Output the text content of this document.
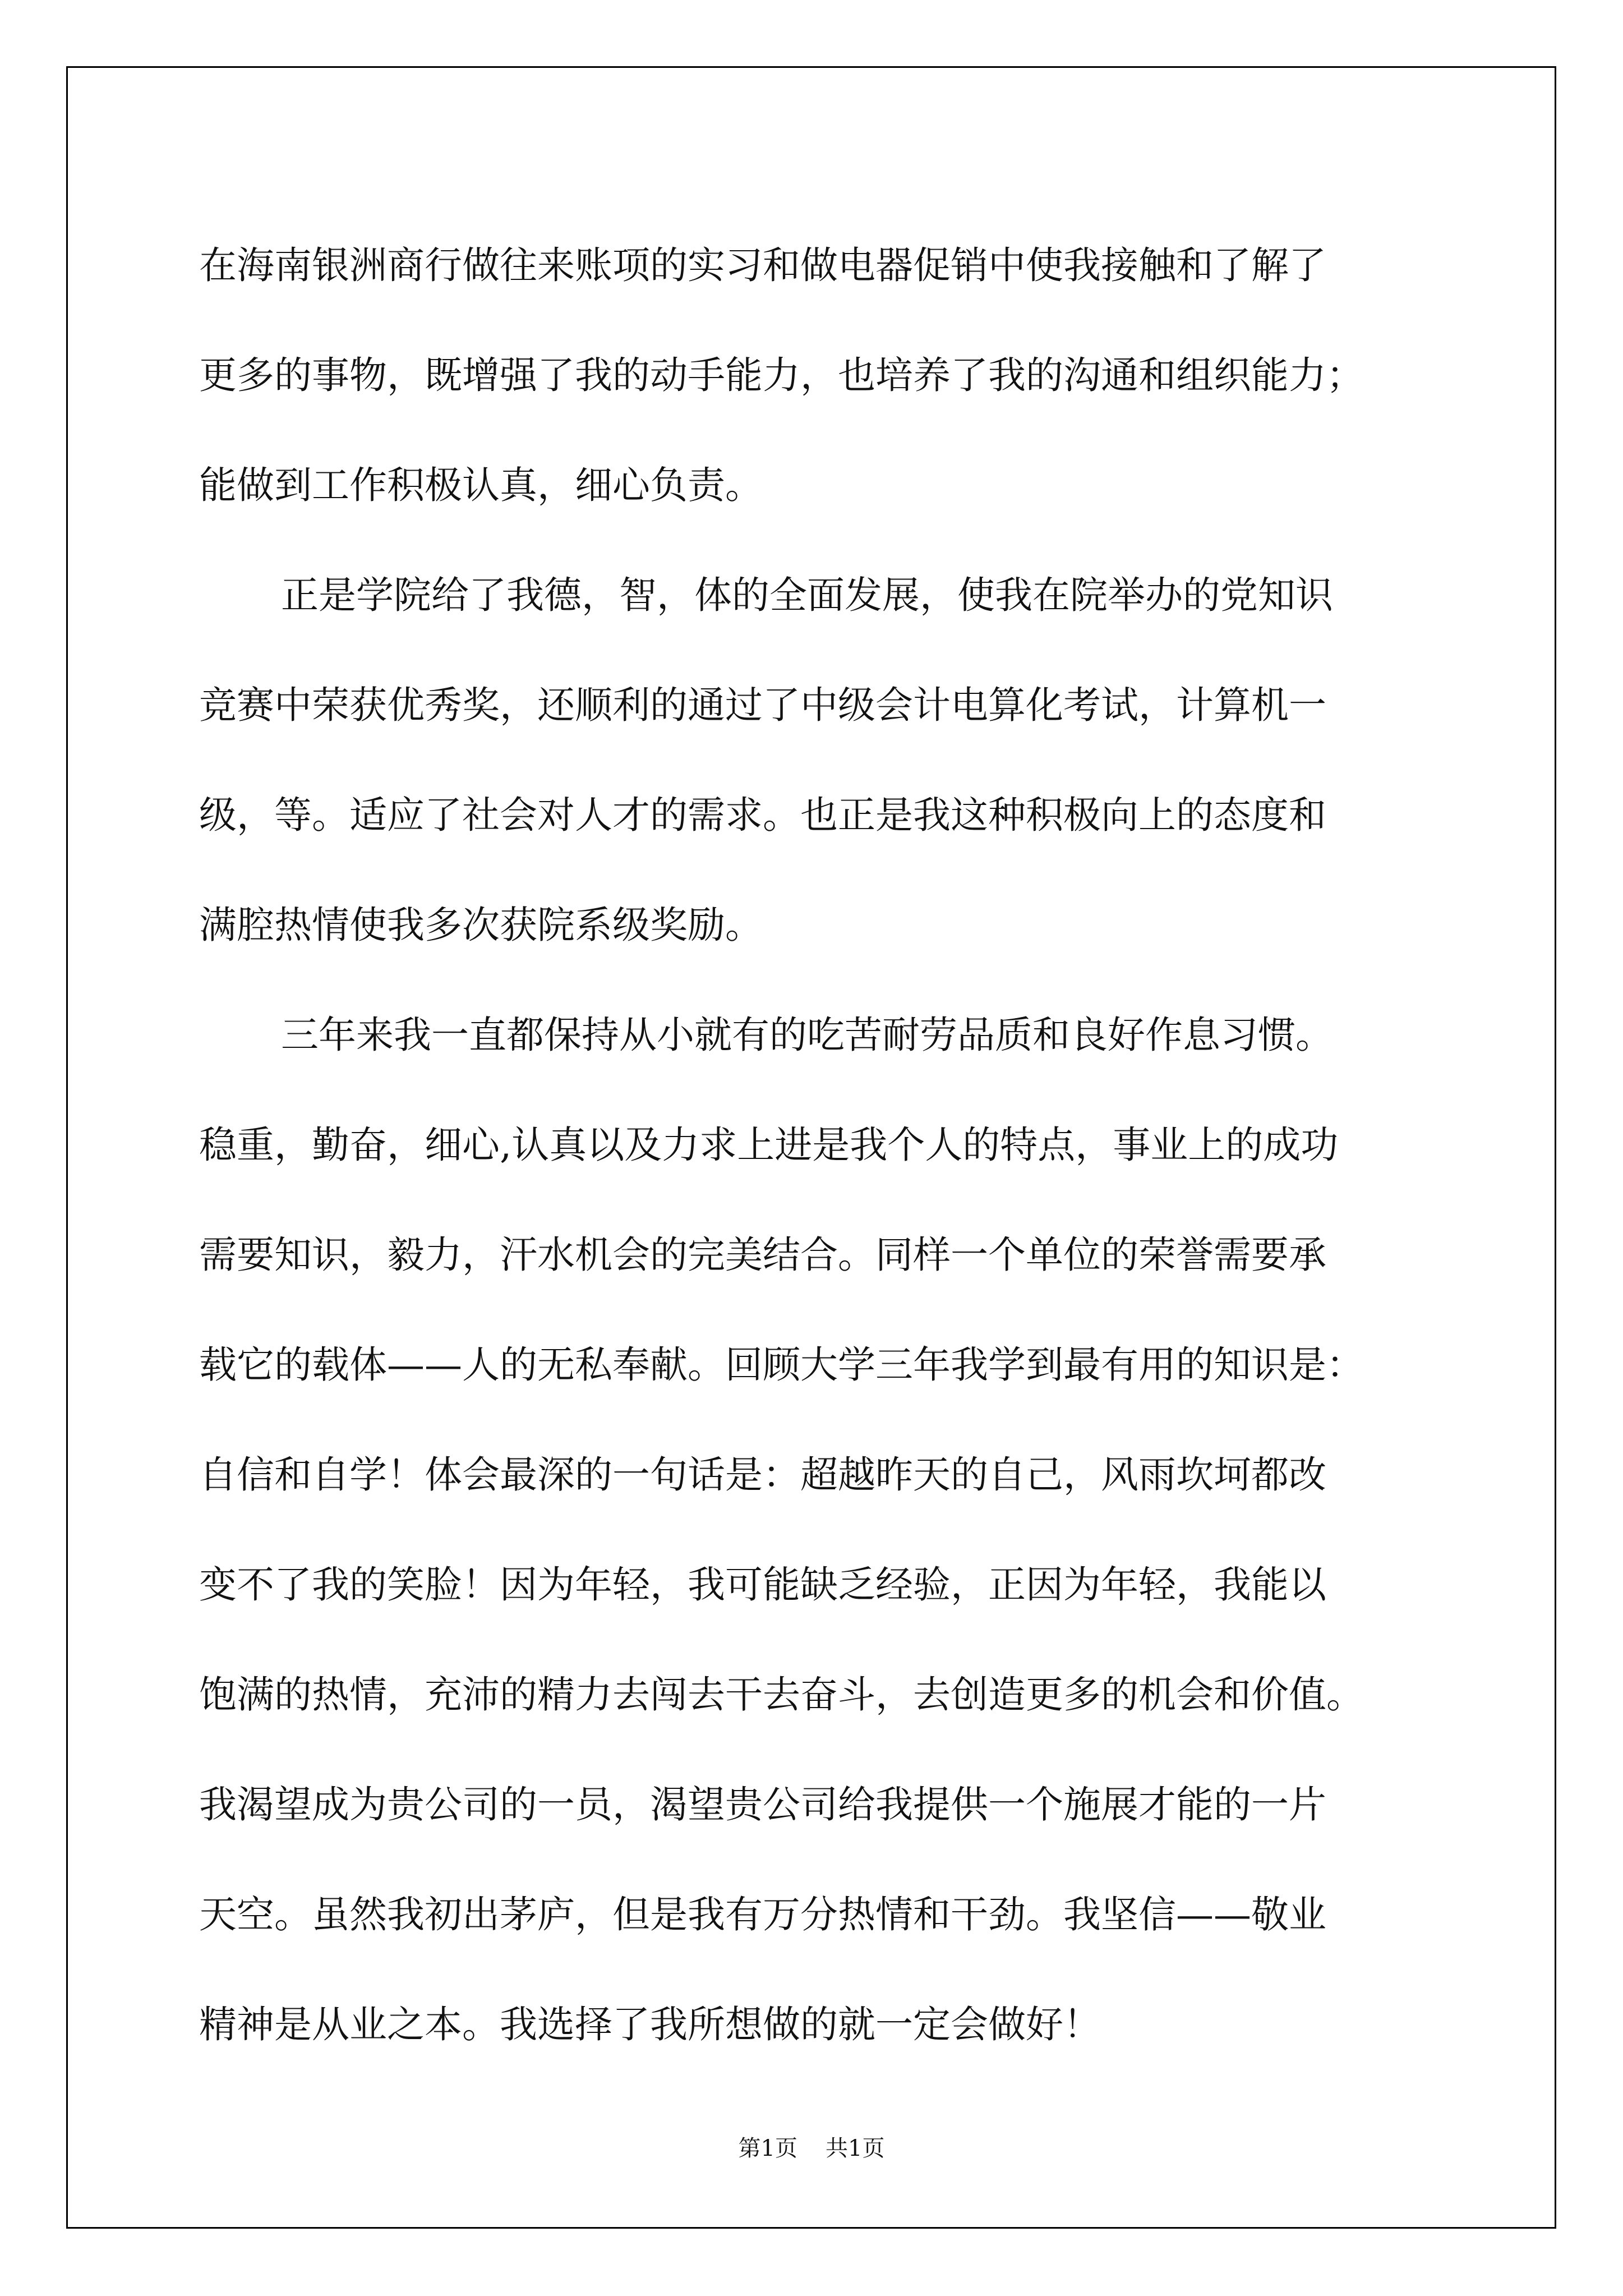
在海南银洲商行做往来账项的实习和做电器促销中使我接触和了解了
更多的事物，既增强了我的动手能力，也培养了我的沟通和组织能力；
能做到工作积极认真，细心负责。
正是学院给了我德，智，体的全面发展，使我在院举办的党知识
竞赛中荣获优秀奖，还顺利的通过了中级会计电算化考试，计算机一
级，等。适应了社会对人才的需求。也正是我这种积极向上的态度和
满腔热情使我多次获院系级奖励。
三年来我一直都保持从小就有的吃苦耐劳品质和良好作息习惯。
稳重，勤奋，细心,认真以及力求上进是我个人的特点，事业上的成功
需要知识，毅力，汗水机会的完美结合。同样一个单位的荣誉需要承
载它的载体——人的无私奉献。回顾大学三年我学到最有用的知识是：
自信和自学！体会最深的一句话是：超越昨天的自己，风雨坎坷都改
变不了我的笑脸！因为年轻，我可能缺乏经验，正因为年轻，我能以
饱满的热情，充沛的精力去闯去干去奋斗，去创造更多的机会和价值。
我渴望成为贵公司的一员，渴望贵公司给我提供一个施展才能的一片
天空。虽然我初出茅庐，但是我有万分热情和干劲。我坚信——敬业
精神是从业之本。我选择了我所想做的就一定会做好！
第1页 共1页
